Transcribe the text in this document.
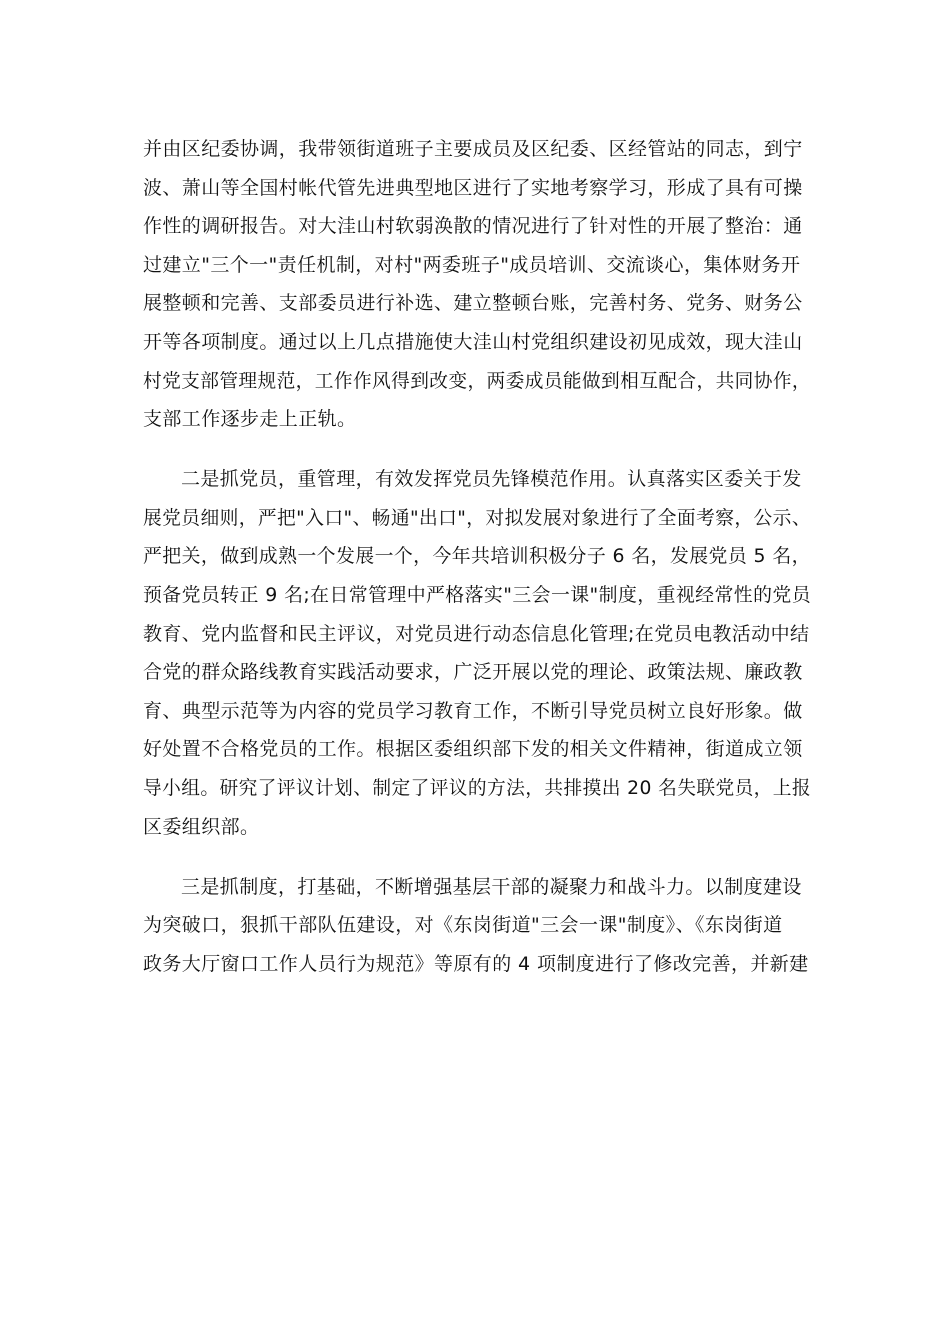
并由区纪委协调，我带领街道班子主要成员及区纪委、区经管站的同志，到宁
波、萧山等全国村帐代管先进典型地区进行了实地考察学习，形成了具有可操
作性的调研报告。对大洼山村软弱涣散的情况进行了针对性的开展了整治：通
过建立"三个一"责任机制，对村"两委班子"成员培训、交流谈心，集体财务开
展整顿和完善、支部委员进行补选、建立整顿台账，完善村务、党务、财务公
开等各项制度。通过以上几点措施使大洼山村党组织建设初见成效，现大洼山
村党支部管理规范，工作作风得到改变，两委成员能做到相互配合，共同协作，
支部工作逐步走上正轨。
二是抓党员，重管理，有效发挥党员先锋模范作用。认真落实区委关于发
展党员细则，严把"入口"、畅通"出口"，对拟发展对象进行了全面考察，公示、
严把关，做到成熟一个发展一个，今年共培训积极分子 6 名，发展党员 5 名，
预备党员转正 9 名;在日常管理中严格落实"三会一课"制度，重视经常性的党员
教育、党内监督和民主评议，对党员进行动态信息化管理;在党员电教活动中结
合党的群众路线教育实践活动要求，广泛开展以党的理论、政策法规、廉政教
育、典型示范等为内容的党员学习教育工作，不断引导党员树立良好形象。做
好处置不合格党员的工作。根据区委组织部下发的相关文件精神，街道成立领
导小组。研究了评议计划、制定了评议的方法，共排摸出 20 名失联党员，上报
区委组织部。
三是抓制度，打基础，不断增强基层干部的凝聚力和战斗力。以制度建设
为突破口，狠抓干部队伍建设，对《东岗街道"三会一课"制度》、《东岗街道
政务大厅窗口工作人员行为规范》等原有的 4 项制度进行了修改完善，并新建
